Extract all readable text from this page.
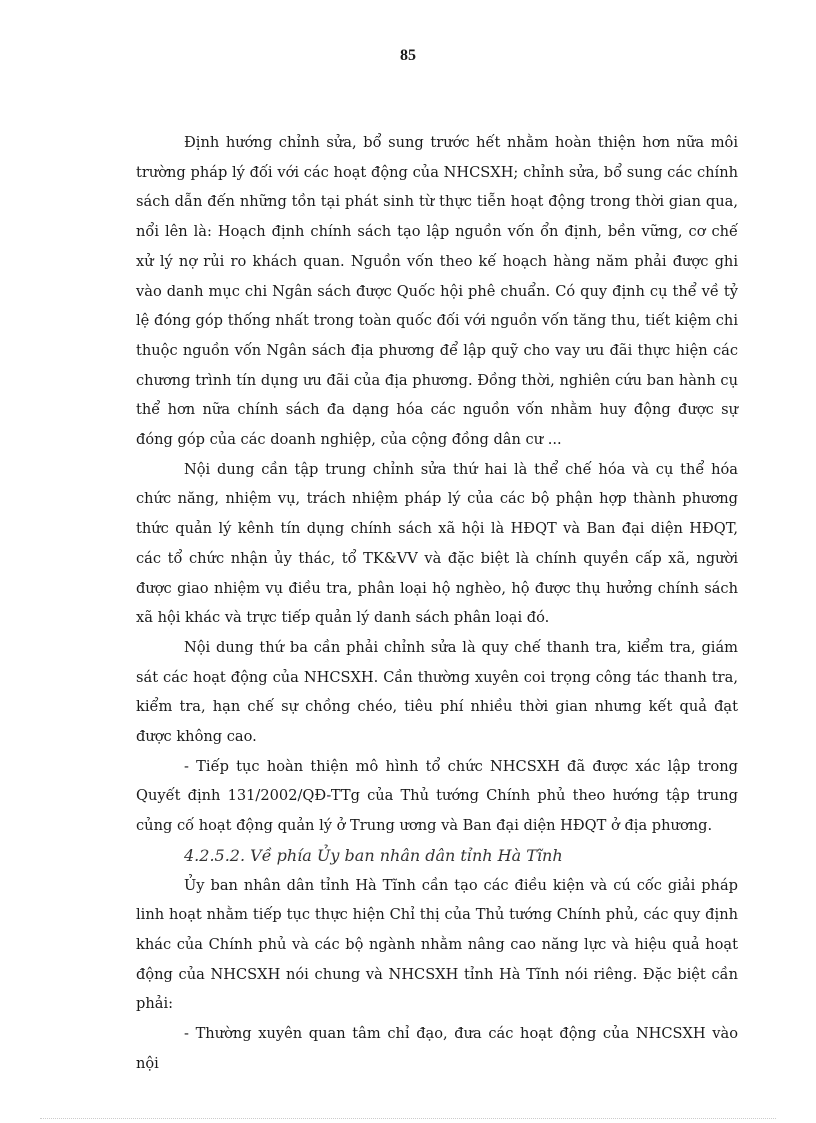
85

Định hướng chỉnh sửa, bổ sung trước hết nhằm hoàn thiện hơn nữa môi trường pháp lý đối với các hoạt động của NHCSXH; chỉnh sửa, bổ sung các chính sách dẫn đến những tồn tại phát sinh từ thực tiễn hoạt động trong thời gian qua, nổi lên là: Hoạch định chính sách tạo lập nguồn vốn ổn định, bền vững, cơ chế xử lý nợ rủi ro khách quan. Nguồn vốn theo kế hoạch hàng năm phải được ghi vào danh mục chi Ngân sách được Quốc hội phê chuẩn. Có quy định cụ thể về tỷ lệ đóng góp thống nhất trong toàn quốc đối với nguồn vốn tăng thu, tiết kiệm chi thuộc nguồn vốn Ngân sách địa phương để lập quỹ cho vay ưu đãi thực hiện các chương trình tín dụng ưu đãi của địa phương. Đồng thời, nghiên cứu ban hành cụ thể hơn nữa chính sách đa dạng hóa các nguồn vốn nhằm huy động được sự đóng góp của các doanh nghiệp, của cộng đồng dân cư ...

Nội dung cần tập trung chỉnh sửa thứ hai là thể chế hóa và cụ thể hóa chức năng, nhiệm vụ, trách nhiệm pháp lý của các bộ phận hợp thành phương thức quản lý kênh tín dụng chính sách xã hội là HĐQT và Ban đại diện HĐQT, các tổ chức nhận ủy thác, tổ TK&VV và đặc biệt là chính quyền cấp xã, người được giao nhiệm vụ điều tra, phân loại hộ nghèo, hộ được thụ hưởng chính sách xã hội khác và trực tiếp quản lý danh sách phân loại đó.

Nội dung thứ ba cần phải chỉnh sửa là quy chế thanh tra, kiểm tra, giám sát các hoạt động của NHCSXH. Cần thường xuyên coi trọng công tác thanh tra, kiểm tra, hạn chế sự chồng chéo, tiêu phí nhiều thời gian nhưng kết quả đạt được không cao.

- Tiếp tục hoàn thiện mô hình tổ chức NHCSXH đã được xác lập trong Quyết định 131/2002/QĐ-TTg của Thủ tướng Chính phủ theo hướng tập trung củng cố hoạt động quản lý ở Trung ương và Ban đại diện HĐQT ở địa phương.

4.2.5.2. Về phía Ủy ban nhân dân tỉnh Hà Tĩnh

Ủy ban nhân dân tỉnh Hà Tĩnh cần tạo các điều kiện và cú cốc giải pháp linh hoạt nhằm tiếp tục thực hiện Chỉ thị của Thủ tướng Chính phủ, các quy định khác của Chính phủ và các bộ ngành nhằm nâng cao năng lực và hiệu quả hoạt động của NHCSXH nói chung và NHCSXH tỉnh Hà Tĩnh nói riêng. Đặc biệt cần phải:

- Thường xuyên quan tâm chỉ đạo, đưa các hoạt động của NHCSXH vào nội
